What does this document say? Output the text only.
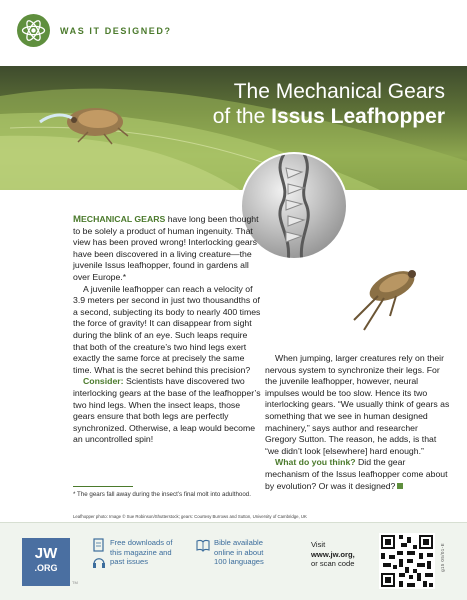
WAS IT DESIGNED?
The Mechanical Gears
of the Issus Leafhopper

MECHANICAL GEARS have long been thought to be solely a product of human ingenuity. That view has been proved wrong! Interlocking gears have been discovered in a living creature—the juvenile Issus leafhopper, found in gardens all over Europe.*

A juvenile leafhopper can reach a velocity of 3.9 meters per second in just two thousandths of a second, subjecting its body to nearly 400 times the force of gravity! It can disappear from sight during the blink of an eye. Such leaps require that both of the creature’s two hind legs exert exactly the same force at precisely the same time. What is the secret behind this precision?

Consider: Scientists have discovered two interlocking gears at the base of the leafhopper’s two hind legs. When the insect leaps, those gears ensure that both legs are perfectly synchronized. Otherwise, a leap would become an uncontrolled spin!

When jumping, larger creatures rely on their nervous system to synchronize their legs. For the juvenile leafhopper, however, neural impulses would be too slow. Hence its two interlocking gears. “We usually think of gears as something that we see in human designed machinery,” says author and researcher Gregory Sutton. The reason, he adds, is that “we didn’t look [elsewhere] hard enough.”

What do you think? Did the gear mechanism of the Issus leafhopper come about by evolution? Or was it designed?

* The gears fall away during the insect’s final molt into adulthood.
Leafhopper photo: Image © Sue Robinson/Shutterstock; gears: Courtesy Burrows and Sutton, University of Cambridge, UK
JW
.ORG
TM
Free downloads of
this magazine and
past issues
Bible available
online in about
100 languages
Visit
www.jw.org,
or scan code	g15 05/01-E
